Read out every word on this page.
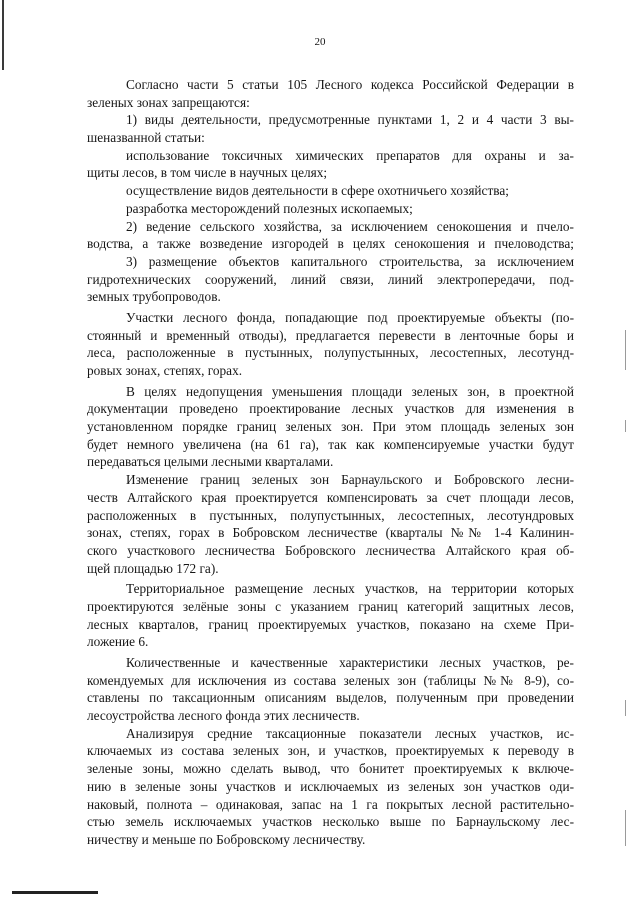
20
Согласно части 5 статьи 105 Лесного кодекса Российской Федерации в
зеленых зонах запрещаются:
1) виды деятельности, предусмотренные пунктами 1, 2 и 4 части 3 вы-
шеназванной статьи:
использование токсичных химических препаратов для охраны и за-
щиты лесов, в том числе в научных целях;
осуществление видов деятельности в сфере охотничьего хозяйства;
разработка месторождений полезных ископаемых;
2) ведение сельского хозяйства, за исключением сенокошения и пчело-
водства, а также возведение изгородей в целях сенокошения и пчеловодства;
3) размещение объектов капитального строительства, за исключением
гидротехнических сооружений, линий связи, линий электропередачи, под-
земных трубопроводов.
Участки лесного фонда, попадающие под проектируемые объекты (по-
стоянный и временный отводы), предлагается перевести в ленточные боры и
леса, расположенные в пустынных, полупустынных, лесостепных, лесотунд-
ровых зонах, степях, горах.
В целях недопущения уменьшения площади зеленых зон, в проектной
документации проведено проектирование лесных участков для изменения в
установленном порядке границ зеленых зон. При этом площадь зеленых зон
будет немного увеличена (на 61 га), так как компенсируемые участки будут
передаваться целыми лесными кварталами.
Изменение границ зеленых зон Барнаульского и Бобровского лесни-
честв Алтайского края проектируется компенсировать за счет площади лесов,
расположенных в пустынных, полупустынных, лесостепных, лесотундровых
зонах, степях, горах в Бобровском лесничестве (кварталы №№ 1-4 Калинин-
ского участкового лесничества Бобровского лесничества Алтайского края об-
щей площадью 172 га).
Территориальное размещение лесных участков, на территории которых
проектируются зелёные зоны с указанием границ категорий защитных лесов,
лесных кварталов, границ проектируемых участков, показано на схеме При-
ложение 6.
Количественные и качественные характеристики лесных участков, ре-
комендуемых для исключения из состава зеленых зон (таблицы №№ 8-9), со-
ставлены по таксационным описаниям выделов, полученным при проведении
лесоустройства лесного фонда этих лесничеств.
Анализируя средние таксационные показатели лесных участков, ис-
ключаемых из состава зеленых зон, и участков, проектируемых к переводу в
зеленые зоны, можно сделать вывод, что бонитет проектируемых к включе-
нию в зеленые зоны участков и исключаемых из зеленых зон участков оди-
наковый, полнота – одинаковая, запас на 1 га покрытых лесной растительно-
стью земель исключаемых участков несколько выше по Барнаульскому лес-
ничеству и меньше по Бобровскому лесничеству.
